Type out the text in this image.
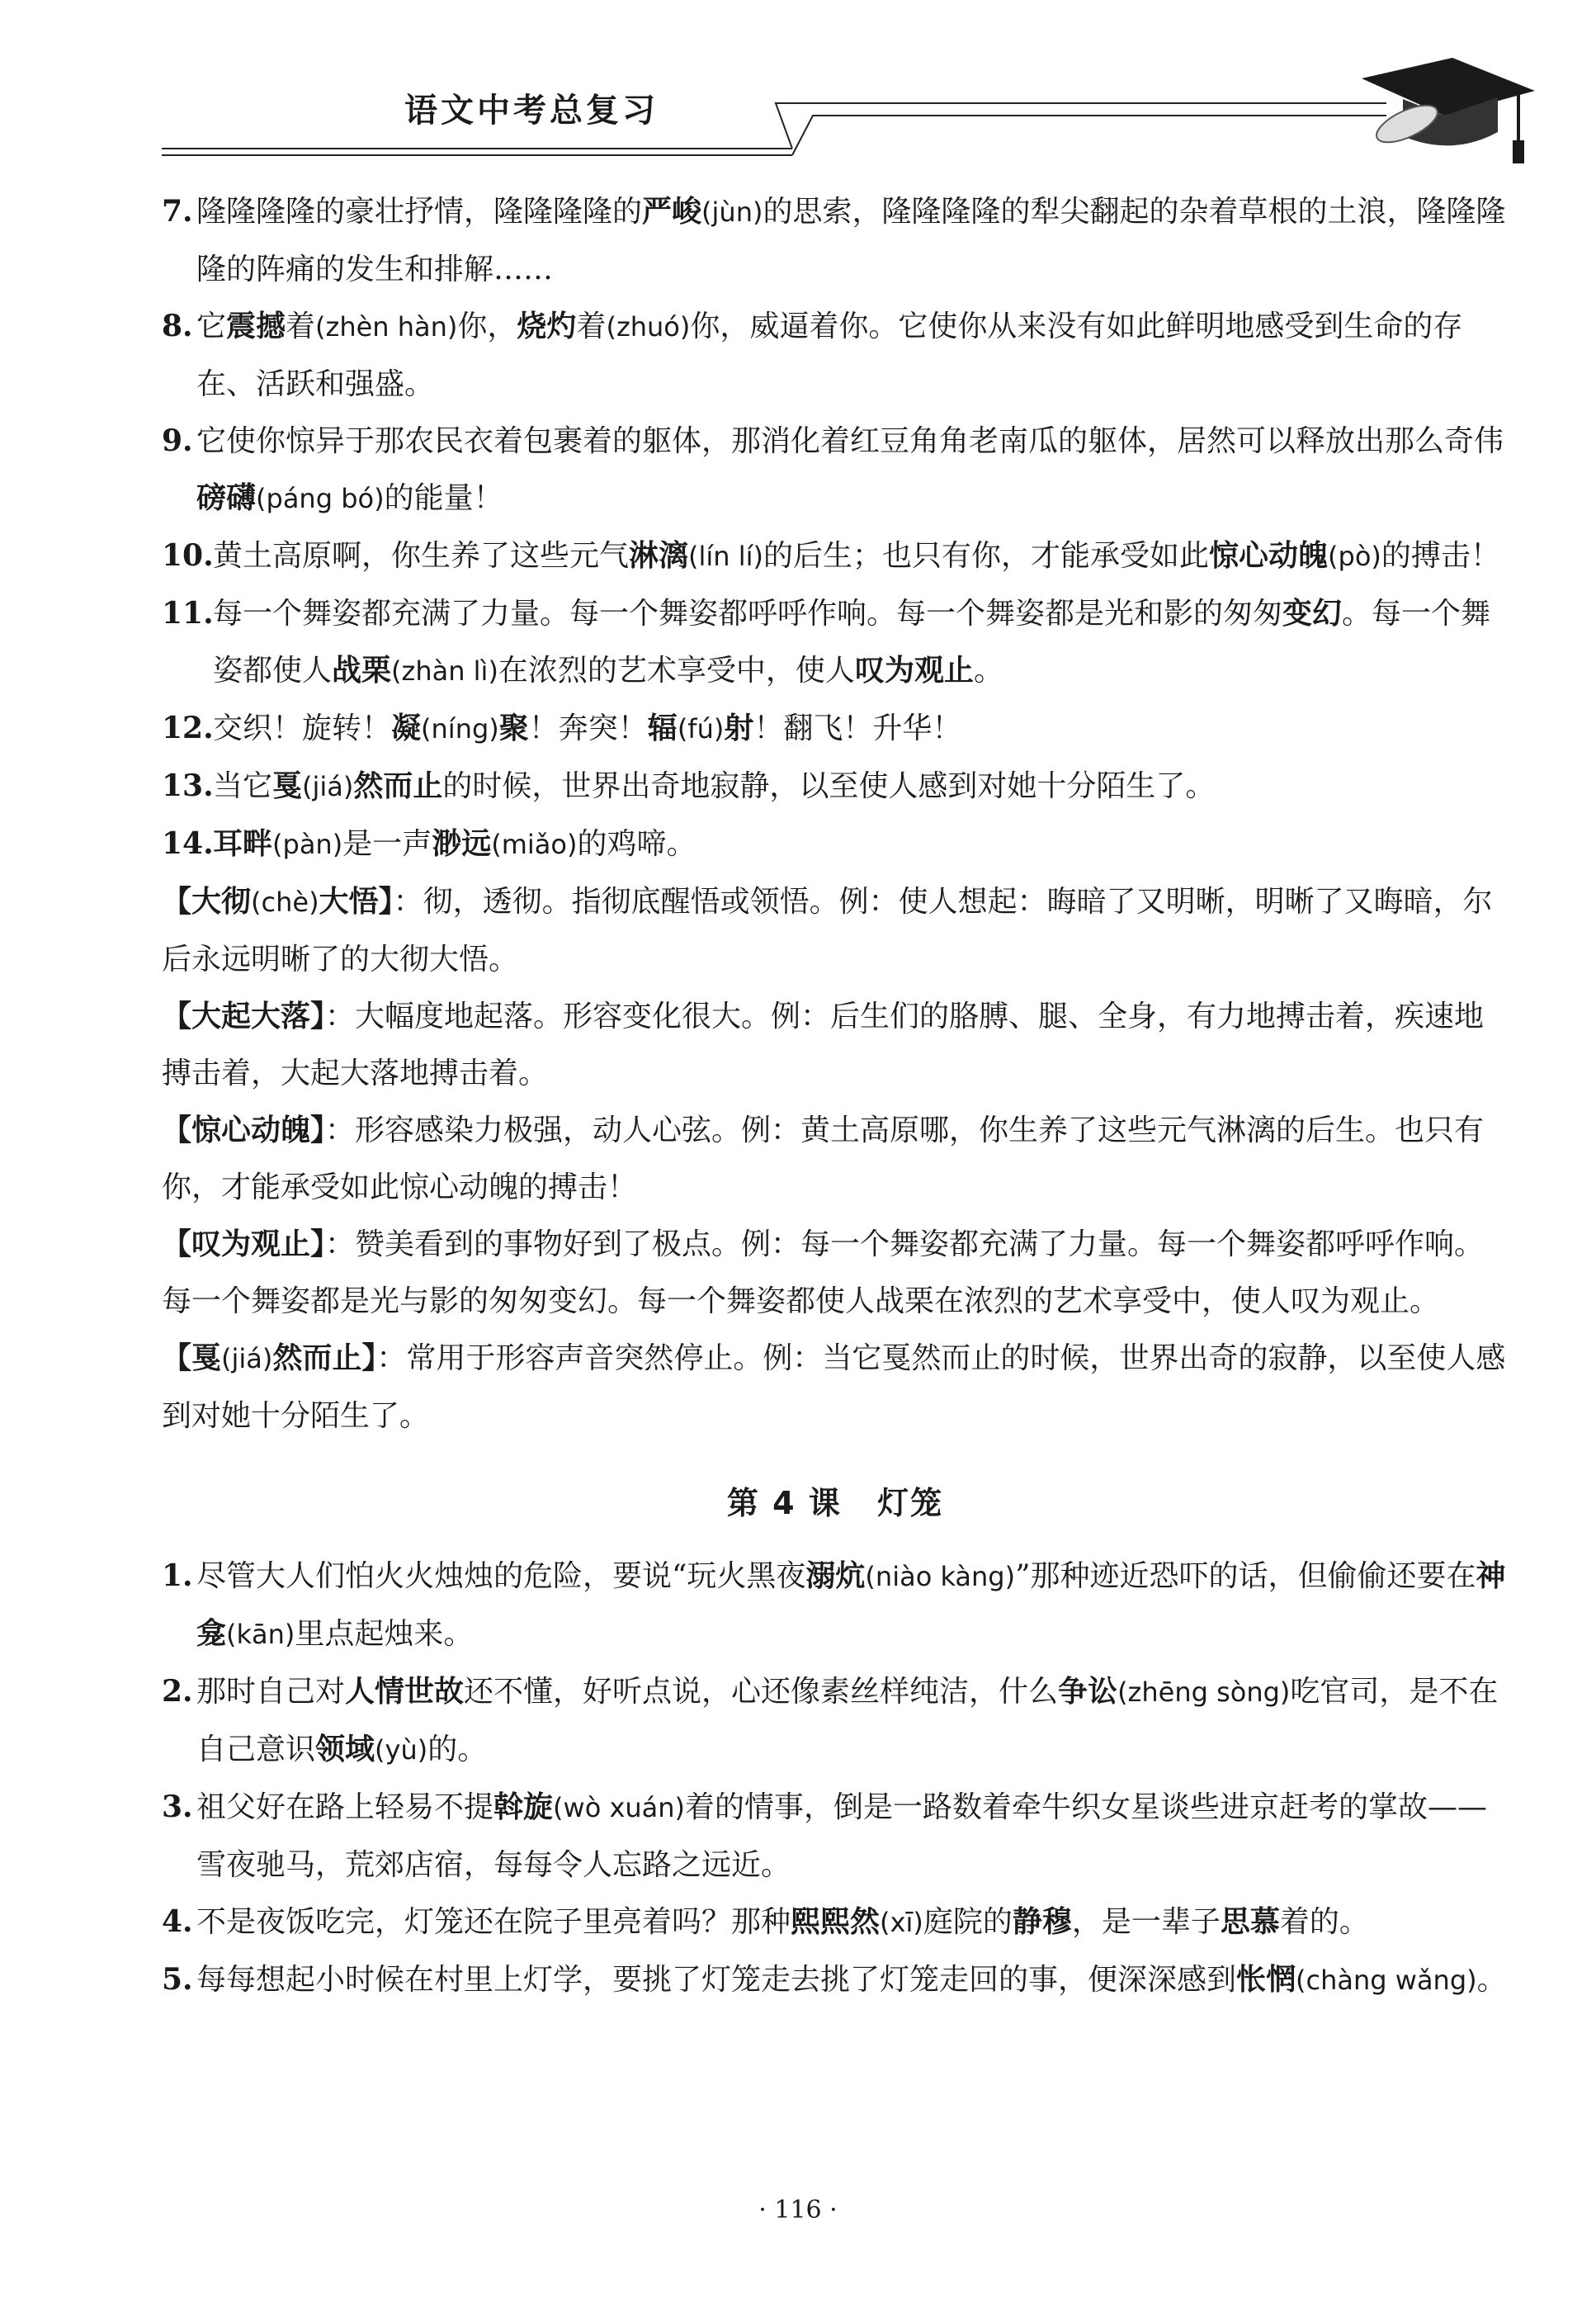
语文中考总复习
7. 隆隆隆隆的豪壮抒情，隆隆隆隆的严峻(jùn)的思索，隆隆隆隆的犁尖翻起的杂着草根的土浪，隆隆隆隆的阵痛的发生和排解……
8. 它震撼着(zhèn hàn)你，烧灼着(zhuó)你，威逼着你。它使你从来没有如此鲜明地感受到生命的存在、活跃和强盛。
9. 它使你惊异于那农民衣着包裹着的躯体，那消化着红豆角角老南瓜的躯体，居然可以释放出那么奇伟磅礴(páng bó)的能量！
10. 黄土高原啊，你生养了这些元气淋漓(lín lí)的后生；也只有你，才能承受如此惊心动魄(pò)的搏击！
11. 每一个舞姿都充满了力量。每一个舞姿都呼呼作响。每一个舞姿都是光和影的匆匆变幻。每一个舞姿都使人战栗(zhàn lì)在浓烈的艺术享受中，使人叹为观止。
12. 交织！旋转！凝(níng)聚！奔突！辐(fú)射！翻飞！升华！
13. 当它戛(jiá)然而止的时候，世界出奇地寂静，以至使人感到对她十分陌生了。
14. 耳畔(pàn)是一声渺远(miǎo)的鸡啼。

【大彻(chè)大悟】：彻，透彻。指彻底醒悟或领悟。例：使人想起：晦暗了又明晰，明晰了又晦暗，尔后永远明晰了的大彻大悟。

【大起大落】：大幅度地起落。形容变化很大。例：后生们的胳膊、腿、全身，有力地搏击着，疾速地搏击着，大起大落地搏击着。

【惊心动魄】：形容感染力极强，动人心弦。例：黄土高原哪，你生养了这些元气淋漓的后生。也只有你，才能承受如此惊心动魄的搏击！

【叹为观止】：赞美看到的事物好到了极点。例：每一个舞姿都充满了力量。每一个舞姿都呼呼作响。每一个舞姿都是光与影的匆匆变幻。每一个舞姿都使人战栗在浓烈的艺术享受中，使人叹为观止。

【戛(jiá)然而止】：常用于形容声音突然停止。例：当它戛然而止的时候，世界出奇的寂静，以至使人感到对她十分陌生了。

第 4 课 灯笼
1. 尽管大人们怕火火烛烛的危险，要说“玩火黑夜溺炕(niào kàng)”那种迹近恐吓的话，但偷偷还要在神龛(kān)里点起烛来。
2. 那时自己对人情世故还不懂，好听点说，心还像素丝样纯洁，什么争讼(zhēng sòng)吃官司，是不在自己意识领域(yù)的。
3. 祖父好在路上轻易不提斡旋(wò xuán)着的情事，倒是一路数着牵牛织女星谈些进京赶考的掌故——雪夜驰马，荒郊店宿，每每令人忘路之远近。
4. 不是夜饭吃完，灯笼还在院子里亮着吗？那种熙熙然(xī)庭院的静穆，是一辈子思慕着的。
5. 每每想起小时候在村里上灯学，要挑了灯笼走去挑了灯笼走回的事，便深深感到怅惘(chàng wǎng)。
· 116 ·
